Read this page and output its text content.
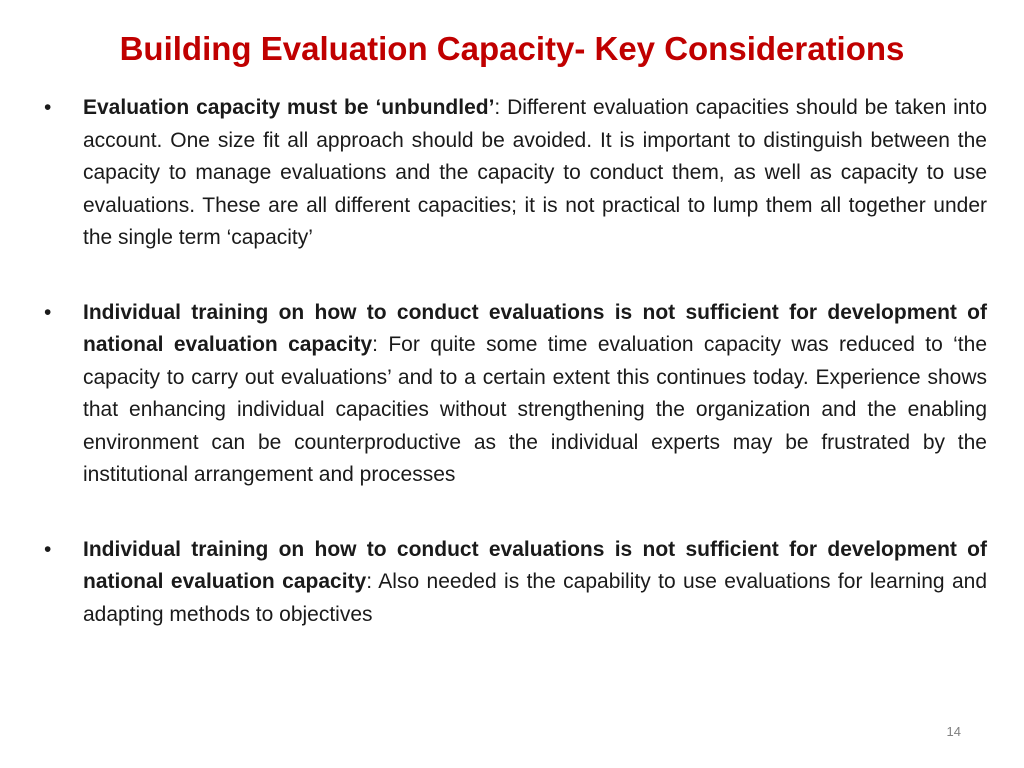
Building Evaluation Capacity- Key Considerations
•	Evaluation capacity must be ‘unbundled’: Different evaluation capacities should be taken into account. One size fit all approach should be avoided. It is important to distinguish between the capacity to manage evaluations and the capacity to conduct them, as well as capacity to use evaluations. These are all different capacities; it is not practical to lump them all together under the single term ‘capacity’
•	Individual training on how to conduct evaluations is not sufficient for development of national evaluation capacity: For quite some time evaluation capacity was reduced to ‘the capacity to carry out evaluations’ and to a certain extent this continues today. Experience shows that enhancing individual capacities without strengthening the organization and the enabling environment can be counterproductive as the individual experts may be frustrated by the institutional arrangement and processes
•	Individual training on how to conduct evaluations is not sufficient for development of national evaluation capacity: Also needed is the capability to use evaluations for learning and adapting methods to objectives
14
